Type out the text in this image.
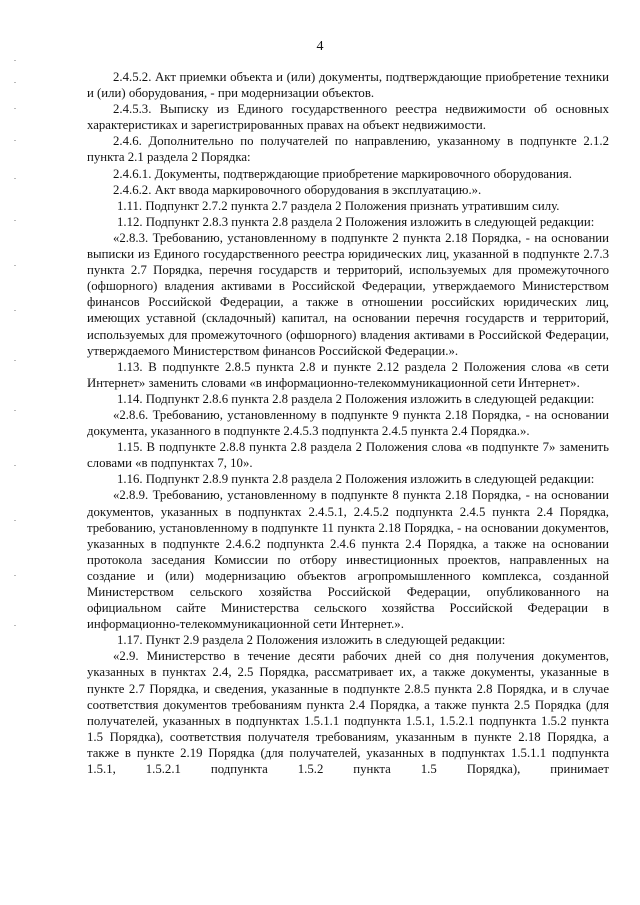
4

2.4.5.2. Акт приемки объекта и (или) документы, подтверждающие приобретение техники и (или) оборудования, - при модернизации объектов.

2.4.5.3. Выписку из Единого государственного реестра недвижимости об основных характеристиках и зарегистрированных правах на объект недвижимости.

2.4.6. Дополнительно по получателей по направлению, указанному в подпункте 2.1.2 пункта 2.1 раздела 2 Порядка:

2.4.6.1. Документы, подтверждающие приобретение маркировочного оборудования.

2.4.6.2. Акт ввода маркировочного оборудования в эксплуатацию.».

1.11. Подпункт 2.7.2 пункта 2.7 раздела 2 Положения признать утратившим силу.

1.12. Подпункт 2.8.3 пункта 2.8 раздела 2 Положения изложить в следующей редакции:

«2.8.3. Требованию, установленному в подпункте 2 пункта 2.18 Порядка, - на основании выписки из Единого государственного реестра юридических лиц, указанной в подпункте 2.7.3 пункта 2.7 Порядка, перечня государств и территорий, используемых для промежуточного (офшорного) владения активами в Российской Федерации, утверждаемого Министерством финансов Российской Федерации, а также в отношении российских юридических лиц, имеющих уставной (складочный) капитал, на основании перечня государств и территорий, используемых для промежуточного (офшорного) владения активами в Российской Федерации, утверждаемого Министерством финансов Российской Федерации.».

1.13. В подпункте 2.8.5 пункта 2.8 и пункте 2.12 раздела 2 Положения слова «в сети Интернет» заменить словами «в информационно-телекоммуникационной сети Интернет».

1.14. Подпункт 2.8.6 пункта 2.8 раздела 2 Положения изложить в следующей редакции:

«2.8.6. Требованию, установленному в подпункте 9 пункта 2.18 Порядка, - на основании документа, указанного в подпункте 2.4.5.3 подпункта 2.4.5 пункта 2.4 Порядка.».

1.15. В подпункте 2.8.8 пункта 2.8 раздела 2 Положения слова «в подпункте 7» заменить словами «в подпунктах 7, 10».

1.16. Подпункт 2.8.9 пункта 2.8 раздела 2 Положения изложить в следующей редакции:

«2.8.9. Требованию, установленному в подпункте 8 пункта 2.18 Порядка, - на основании документов, указанных в подпунктах 2.4.5.1, 2.4.5.2 подпункта 2.4.5 пункта 2.4 Порядка, требованию, установленному в подпункте 11 пункта 2.18 Порядка, - на основании документов, указанных в подпункте 2.4.6.2 подпункта 2.4.6 пункта 2.4 Порядка, а также на основании протокола заседания Комиссии по отбору инвестиционных проектов, направленных на создание и (или) модернизацию объектов агропромышленного комплекса, созданной Министерством сельского хозяйства Российской Федерации, опубликованного на официальном сайте Министерства сельского хозяйства Российской Федерации в информационно-телекоммуникационной сети Интернет.».

1.17. Пункт 2.9 раздела 2 Положения изложить в следующей редакции:

«2.9. Министерство в течение десяти рабочих дней со дня получения документов, указанных в пунктах 2.4, 2.5 Порядка, рассматривает их, а также документы, указанные в пункте 2.7 Порядка, и сведения, указанные в подпункте 2.8.5 пункта 2.8 Порядка, и в случае соответствия документов требованиям пункта 2.4 Порядка, а также пункта 2.5 Порядка (для получателей, указанных в подпунктах 1.5.1.1 подпункта 1.5.1, 1.5.2.1 подпункта 1.5.2 пункта 1.5 Порядка), соответствия получателя требованиям, указанным в пункте 2.18 Порядка, а также в пункте 2.19 Порядка (для получателей, указанных в подпунктах 1.5.1.1 подпункта 1.5.1, 1.5.2.1 подпункта 1.5.2 пункта 1.5 Порядка), принимает
